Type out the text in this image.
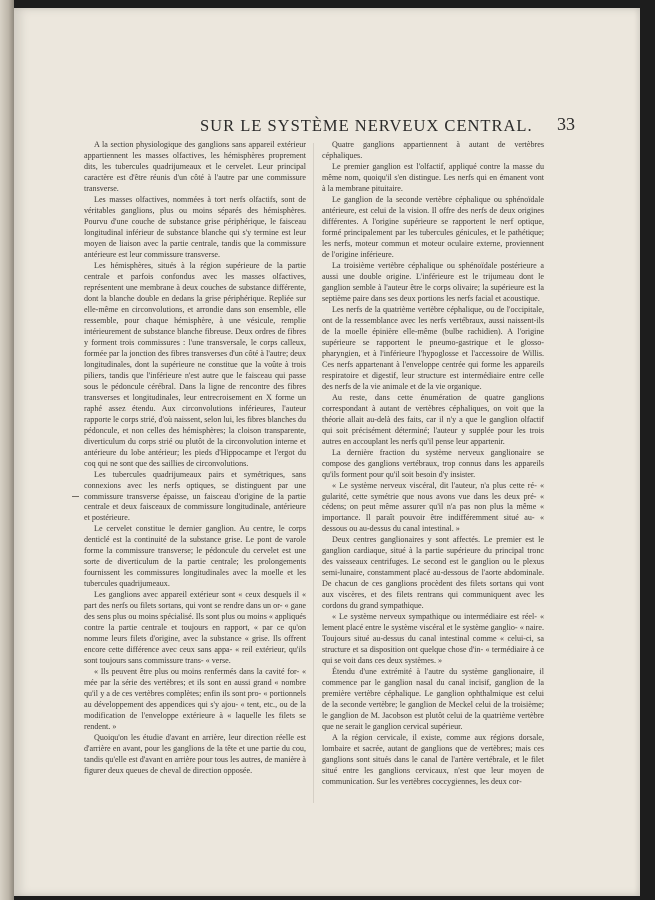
SUR LE SYSTÈME NERVEUX CENTRAL. 33

A la section physiologique des ganglions sans appareil extérieur appartiennent les masses olfactives, les hémisphères proprement dits, les tubercules quadrijumeaux et le cervelet. Leur principal caractère est d'être réunis d'un côté à l'autre par une commissure transverse.

Les masses olfactives, nommées à tort nerfs olfactifs, sont de véritables ganglions, plus ou moins séparés des hémisphères. Pourvu d'une couche de substance grise périphérique, le faisceau longitudinal inférieur de substance blanche qui s'y termine est leur moyen de liaison avec la partie centrale, tandis que la commissure antérieure est leur commissure transverse.

Les hémisphères, situés à la région supérieure de la partie centrale et parfois confondus avec les masses olfactives, représentent une membrane à deux couches de substance différente, dont la blanche double en dedans la grise périphérique. Repliée sur elle-même en circonvolutions, et arrondie dans son ensemble, elle ressemble, pour chaque hémisphère, à une vésicule, remplie intérieurement de substance blanche fibreuse. Deux ordres de fibres y forment trois commissures : l'une transversale, le corps calleux, formée par la jonction des fibres transverses d'un côté à l'autre; deux longitudinales, dont la supérieure ne constitue que la voûte à trois piliers, tandis que l'inférieure n'est autre que le faisceau qui passe sous le pédoncule cérébral. Dans la ligne de rencontre des fibres transverses et longitudinales, leur entrecroisement en X forme un raphé assez étendu. Aux circonvolutions inférieures, l'auteur rapporte le corps strié, d'où naissent, selon lui, les fibres blanches du pédoncule, et non celles des hémisphères; la cloison transparente, diverticulum du corps strié ou plutôt de la circonvolution interne et antérieure du lobe antérieur; les pieds d'Hippocampe et l'ergot du coq qui ne sont que des saillies de circonvolutions.

Les tubercules quadrijumeaux pairs et symétriques, sans connexions avec les nerfs optiques, se distinguent par une commissure transverse épaisse, un faisceau d'origine de la partie centrale et deux faisceaux de commissure longitudinale, antérieure et postérieure.

Le cervelet constitue le dernier ganglion. Au centre, le corps denticlé est la continuité de la substance grise. Le pont de varole forme la commissure transverse; le pédoncule du cervelet est une sorte de diverticulum de la partie centrale; les prolongements fournissent les commissures longitudinales avec la moelle et les tubercules quadrijumeaux.

Les ganglions avec appareil extérieur sont « ceux desquels il « part des nerfs ou filets sortans, qui vont se rendre dans un or- « gane des sens plus ou moins spécialisé. Ils sont plus ou moins « appliqués contre la partie centrale et toujours en rapport, « par ce qu'on nomme leurs filets d'origine, avec la substance « grise. Ils offrent encore cette différence avec ceux sans appa- « reil extérieur, qu'ils sont toujours sans commissure trans- « verse.

« Ils peuvent être plus ou moins renfermés dans la cavité for- « mée par la série des vertèbres; et ils sont en aussi grand « nombre qu'il y a de ces vertèbres complètes; enfin ils sont pro- « portionnels au développement des appendices qui s'y ajou- « tent, etc., ou de la modification de l'enveloppe extérieure à « laquelle les filets se rendent. »

Quoiqu'on les étudie d'avant en arrière, leur direction réelle est d'arrière en avant, pour les ganglions de la tête et une partie du cou, tandis qu'elle est d'avant en arrière pour tous les autres, de manière à figurer deux queues de cheval de direction opposée.

Quatre ganglions appartiennent à autant de vertèbres céphaliques.

Le premier ganglion est l'olfactif, appliqué contre la masse du même nom, quoiqu'il s'en distingue. Les nerfs qui en émanent vont à la membrane pituitaire.

Le ganglion de la seconde vertèbre céphalique ou sphénoïdale antérieure, est celui de la vision. Il offre des nerfs de deux origines différentes. A l'origine supérieure se rapportent le nerf optique, formé principalement par les tubercules génicules, et le pathétique; les nerfs, moteur commun et moteur oculaire externe, proviennent de l'origine inférieure.

La troisième vertèbre céphalique ou sphénoïdale postérieure a aussi une double origine. L'inférieure est le trijumeau dont le ganglion semble à l'auteur être le corps olivaire; la supérieure est la septième paire dans ses deux portions les nerfs facial et acoustique.

Les nerfs de la quatrième vertèbre céphalique, ou de l'occipitale, ont de la ressemblance avec les nerfs vertébraux, aussi naissent-ils de la moelle épinière elle-même (bulbe rachidien). A l'origine supérieure se rapportent le pneumo-gastrique et le glosso-pharyngien, et à l'inférieure l'hypoglosse et l'accessoire de Willis. Ces nerfs appartenant à l'enveloppe centrée qui forme les appareils respiratoire et digestif, leur structure est intermédiaire entre celle des nerfs de la vie animale et de la vie organique.

Au reste, dans cette énumération de quatre ganglions correspondant à autant de vertèbres céphaliques, on voit que la théorie allait au-delà des faits, car il n'y a que le ganglion olfactif qui soit précisément déterminé; l'auteur y supplée pour les trois autres en accouplant les nerfs qu'il pense leur appartenir.

La dernière fraction du système nerveux ganglionaire se compose des ganglions vertébraux, trop connus dans les appareils qu'ils forment pour qu'il soit besoin d'y insister.

« Le système nerveux viscéral, dit l'auteur, n'a plus cette ré- « gularité, cette symétrie que nous avons vue dans les deux pré- « cédens; on peut même assurer qu'il n'a pas non plus la même « importance. Il paraît pouvoir être indifféremment situé au- « dessous ou au-dessus du canal intestinal. »

Deux centres ganglionaires y sont affectés. Le premier est le ganglion cardiaque, situé à la partie supérieure du principal tronc des vaisseaux centrifuges. Le second est le ganglion ou le plexus semi-lunaire, constamment placé au-dessous de l'aorte abdominale. De chacun de ces ganglions procèdent des filets sortans qui vont aux viscères, et des filets rentrans qui communiquent avec les cordons du grand sympathique.

« Le système nerveux sympathique ou intermédiaire est réel- « lement placé entre le système viscéral et le système ganglio- « naire. Toujours situé au-dessus du canal intestinal comme « celui-ci, sa structure et sa disposition ont quelque chose d'in- « termédiaire à ce qui se voit dans ces deux systèmes. »

Étendu d'une extrémité à l'autre du système ganglionaire, il commence par le ganglion nasal du canal incisif, ganglion de la première vertèbre céphalique. Le ganglion ophthalmique est celui de la seconde vertèbre; le ganglion de Meckel celui de la troisième; le ganglion de M. Jacobson est plutôt celui de la quatrième vertèbre que ne serait le ganglion cervical supérieur.

A la région cervicale, il existe, comme aux régions dorsale, lombaire et sacrée, autant de ganglions que de vertèbres; mais ces ganglions sont situés dans le canal de l'artère vertébrale, et le filet situé entre les ganglions cervicaux, n'est que leur moyen de communication. Sur les vertèbres coccygiennes, les deux cor-
